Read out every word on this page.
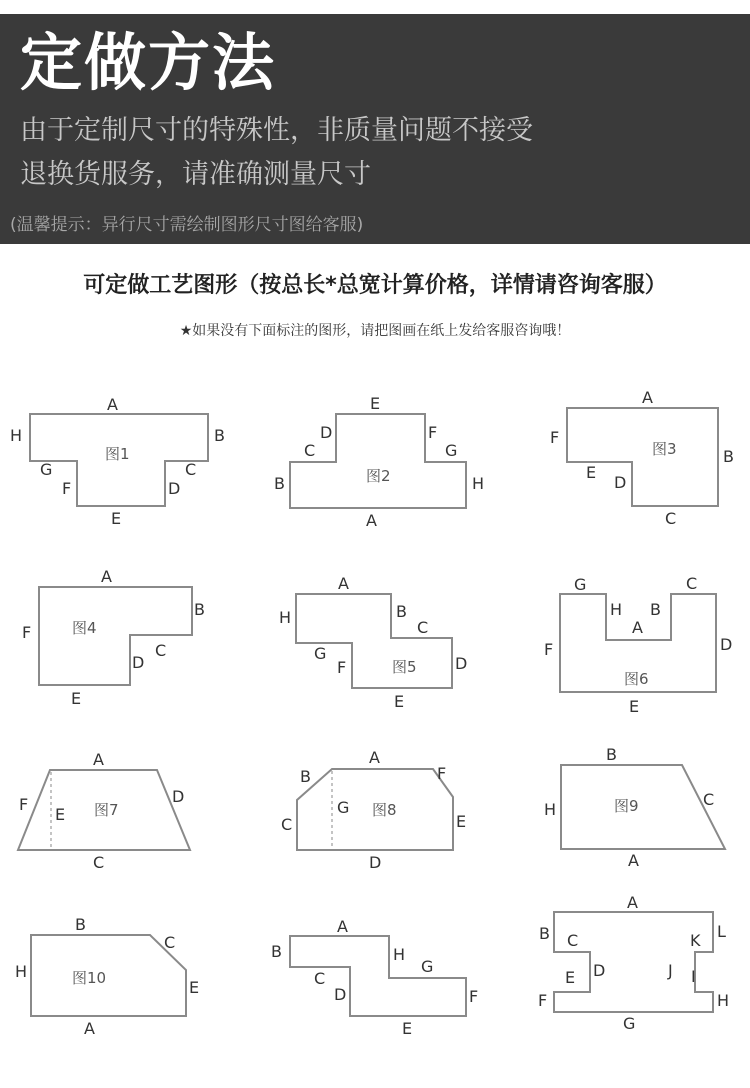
定做方法
由于定制尺寸的特殊性，非质量问题不接受
退换货服务，请准确测量尺寸
(温馨提示：异行尺寸需绘制图形尺寸图给客服)
可定做工艺图形（按总长*总宽计算价格，详情请咨询客服）
★如果没有下面标注的图形，请把图画在纸上发给客服咨询哦！
图1
A
B
C
D
E
F
G
H
图2
A
B
C
D
E
F
G
H
图3
A
B
C
D
E
F
图4
A
B
C
D
E
F
图5
A
B
C
D
E
F
G
H
图6
A
B
C
D
E
F
G
H
图7
A
C
D
E
F	图8
B
A
F
C
G
E
D
图9
B
H
C
A
图10
B
C
H
E
A
A
B
C
D
E
F
G
H
A
B C
D
E
F
G
H
I
J
K L
